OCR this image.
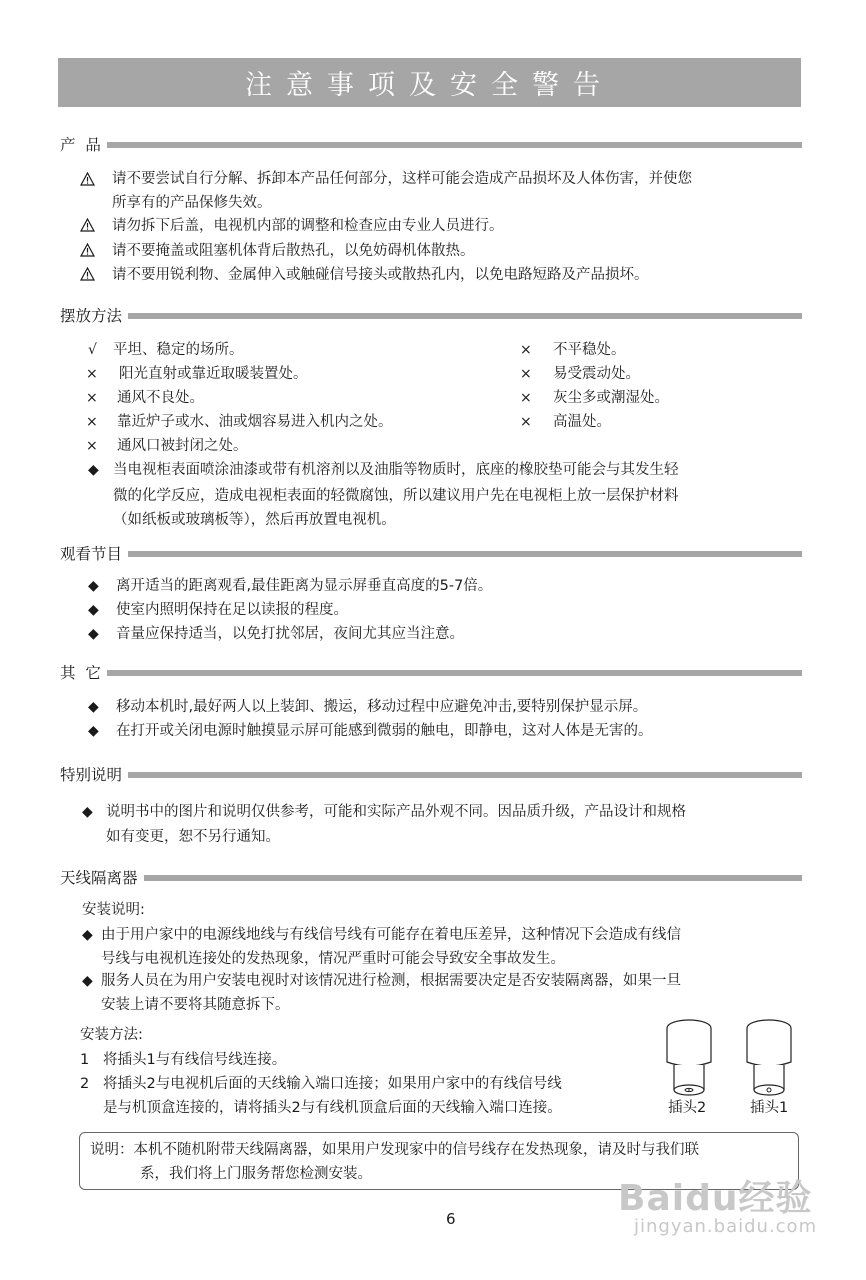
注意事项及安全警告
产  品
请不要尝试自行分解、拆卸本产品任何部分，这样可能会造成产品损坏及人体伤害，并使您
所享有的产品保修失效。
请勿拆下后盖，电视机内部的调整和检查应由专业人员进行。
请不要掩盖或阻塞机体背后散热孔，以免妨碍机体散热。
请不要用锐利物、金属伸入或触碰信号接头或散热孔内，以免电路短路及产品损坏。
摆放方法
√ 平坦、稳定的场所。
× 阳光直射或靠近取暖装置处。
× 通风不良处。
× 靠近炉子或水、油或烟容易进入机内之处。
× 通风口被封闭之处。
× 不平稳处。
× 易受震动处。
× 灰尘多或潮湿处。
× 高温处。
◆ 当电视柜表面喷涂油漆或带有机溶剂以及油脂等物质时，底座的橡胶垫可能会与其发生轻
微的化学反应，造成电视柜表面的轻微腐蚀，所以建议用户先在电视柜上放一层保护材料
（如纸板或玻璃板等），然后再放置电视机。
观看节目
◆ 离开适当的距离观看,最佳距离为显示屏垂直高度的5-7倍。
◆ 使室内照明保持在足以读报的程度。
◆ 音量应保持适当，以免打扰邻居，夜间尤其应当注意。
其  它
◆ 移动本机时,最好两人以上装卸、搬运，移动过程中应避免冲击,要特别保护显示屏。
◆ 在打开或关闭电源时触摸显示屏可能感到微弱的触电，即静电，这对人体是无害的。
特别说明
◆ 说明书中的图片和说明仅供参考，可能和实际产品外观不同。因品质升级，产品设计和规格
如有变更，恕不另行通知。
天线隔离器
安装说明:
◆ 由于用户家中的电源线地线与有线信号线有可能存在着电压差异，这种情况下会造成有线信
号线与电视机连接处的发热现象，情况严重时可能会导致安全事故发生。
◆ 服务人员在为用户安装电视时对该情况进行检测，根据需要决定是否安装隔离器，如果一旦
安装上请不要将其随意拆下。
安装方法:
1 将插头1与有线信号线连接。
2 将插头2与电视机后面的天线输入端口连接；如果用户家中的有线信号线
是与机顶盒连接的，请将插头2与有线机顶盒后面的天线输入端口连接。	插头2	插头1
说明：本机不随机附带天线隔离器，如果用户发现家中的信号线存在发热现象，请及时与我们联
系，我们将上门服务帮您检测安装。
6	Baidu经验
jingyan.baidu.com
